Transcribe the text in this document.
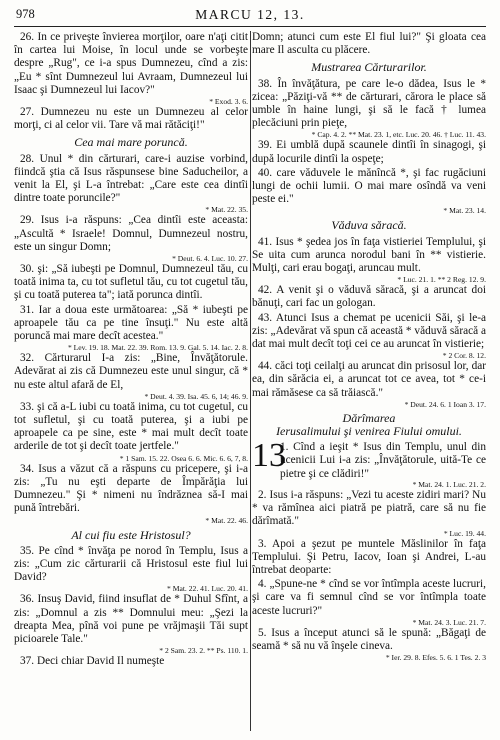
978	MARCU 12, 13.

26. In ce priveşte învierea morţilor, oare n'aţi citit în cartea lui Moise, în locul unde se vorbeşte despre „Rug", ce i-a spus Dumnezeu, cînd a zis: „Eu * sînt Dumnezeul lui Avraam, Dumnezeul lui Isaac şi Dumnezeul lui Iacov?"

* Exod. 3. 6.

27. Dumnezeu nu este un Dumnezeu al celor morţi, ci al celor vii. Tare vă mai rătăciţi!"

Cea mai mare poruncă.

28. Unul * din cărturari, care-i auzise vorbind, fiindcă ştia că Isus răspunsese bine Saducheilor, a venit la El, şi L-a întrebat: „Care este cea dintîi dintre toate poruncile?"

* Mat. 22. 35.

29. Isus i-a răspuns: „Cea dintîi este aceasta: „Ascultă * Israele! Domnul, Dumnezeul nostru, este un singur Domn;

* Deut. 6. 4. Luc. 10. 27.

30. şi: „Să iubeşti pe Domnul, Dumnezeul tău, cu toată inima ta, cu tot sufletul tău, cu tot cugetul tău, şi cu toată puterea ta"; iată porunca dintîi.

31. Iar a doua este următoarea: „Să * iubeşti pe aproapele tău ca pe tine însuţi." Nu este altă poruncă mai mare decît acestea."

* Lev. 19. 18. Mat. 22. 39. Rom. 13. 9. Gal. 5. 14. Iac. 2. 8.

32. Cărturarul I-a zis: „Bine, Învăţătorule. Adevărat ai zis că Dumnezeu este unul singur, că * nu este altul afară de El,

* Deut. 4. 39. Isa. 45. 6, 14; 46. 9.

33. şi că a-L iubi cu toată inima, cu tot cugetul, cu tot sufletul, şi cu toată puterea, şi a iubi pe aproapele ca pe sine, este * mai mult decît toate arderile de tot şi decît toate jertfele."

* 1 Sam. 15. 22. Osea 6. 6. Mic. 6. 6, 7, 8.

34. Isus a văzut că a răspuns cu pricepere, şi i-a zis: „Tu nu eşti departe de Împărăţia lui Dumnezeu." Şi * nimeni nu îndrăznea să-I mai pună întrebări.

* Mat. 22. 46.
Al cui fiu este Hristosul?

35. Pe cînd * învăţa pe norod în Templu, Isus a zis: „Cum zic cărturarii că Hristosul este fiul lui David?

* Mat. 22. 41. Luc. 20. 41.

36. Insuş David, fiind insuflat de * Duhul Sfînt, a zis: „Domnul a zis ** Domnului meu: „Şezi la dreapta Mea, pînă voi pune pe vrăjmaşii Tăi supt picioarele Tale."

* 2 Sam. 23. 2. ** Ps. 110. 1.

37. Deci chiar David Il numeşte

Domn; atunci cum este El fiul lui?" Şi gloata cea mare Il asculta cu plăcere.

Mustrarea Cărturarilor.

38. În învăţătura, pe care le-o dădea, Isus le * zicea: „Păziţi-vă ** de cărturari, cărora le place să umble în haine lungi, şi să le facă † lumea plecăciuni prin pieţe,

* Cap. 4. 2. ** Mat. 23. 1, etc. Luc. 20. 46. † Luc. 11. 43.

39. Ei umblă după scaunele dintîi în sinagogi, şi după locurile dintîi la ospeţe;

40. care văduvele le mănîncă *, şi fac rugăciuni lungi de ochii lumii. O mai mare osîndă va veni peste ei."

* Mat. 23. 14.
Văduva săracă.

41. Isus * şedea jos în faţa vistieriei Templului, şi Se uita cum arunca norodul bani în ** vistierie. Mulţi, cari erau bogaţi, aruncau mult.

* Luc. 21. 1. ** 2 Reg. 12. 9.

42. A venit şi o văduvă săracă, şi a aruncat doi bănuţi, cari fac un gologan.

43. Atunci Isus a chemat pe ucenicii Săi, şi le-a zis: „Adevărat vă spun că această * văduvă săracă a dat mai mult decît toţi cei ce au aruncat în vistierie;

* 2 Cor. 8. 12.

44. căci toţi ceilalţi au aruncat din prisosul lor, dar ea, din sărăcia ei, a aruncat tot ce avea, tot * ce-i mai rămăsese ca să trăiască."

* Deut. 24. 6. 1 Ioan 3. 17.
Dărîmarea
Ierusalimului şi venirea Fiului omului.
13

1. Cînd a ieşit * Isus din Templu, unul din ucenicii Lui i-a zis: „Învăţătorule, uită-Te ce pietre şi ce clădiri!"

* Mat. 24. 1. Luc. 21. 2.

2. Isus i-a răspuns: „Vezi tu aceste zidiri mari? Nu * va rămînea aici piatră pe piatră, care să nu fie dărîmată."

* Luc. 19. 44.

3. Apoi a şezut pe muntele Măslinilor în faţa Templului. Şi Petru, Iacov, Ioan şi Andrei, L-au întrebat deoparte:

4. „Spune-ne * cînd se vor întîmpla aceste lucruri, şi care va fi semnul cînd se vor întîmpla toate aceste lucruri?"

* Mat. 24. 3. Luc. 21. 7.

5. Isus a început atunci să le spună: „Băgaţi de seamă * să nu vă înşele cineva.

* Ier. 29. 8. Efes. 5. 6. 1 Tes. 2. 3
